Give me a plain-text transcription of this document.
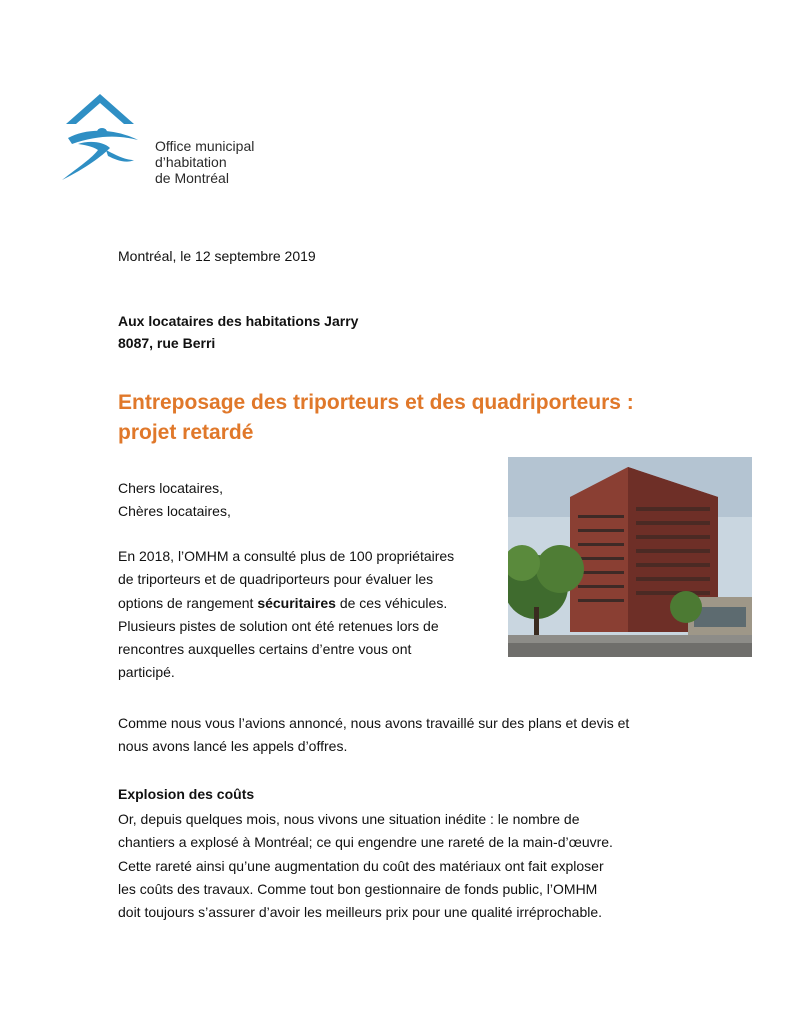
Office municipal
d’habitation
de Montréal
Montréal, le 12 septembre 2019
Aux locataires des habitations Jarry
8087, rue Berri
Entreposage des triporteurs et des quadriporteurs :
projet retardé
Chers locataires,
Chères locataires,
En 2018, l’OMHM a consulté plus de 100 propriétaires
de triporteurs et de quadriporteurs pour évaluer les
options de rangement sécuritaires de ces véhicules.
Plusieurs pistes de solution ont été retenues lors de
rencontres auxquelles certains d’entre vous ont
participé.
Comme nous vous l’avions annoncé, nous avons travaillé sur des plans et devis et
nous avons lancé les appels d’offres.
Explosion des coûts
Or, depuis quelques mois, nous vivons une situation inédite : le nombre de
chantiers a explosé à Montréal; ce qui engendre une rareté de la main-d’œuvre.
Cette rareté ainsi qu’une augmentation du coût des matériaux ont fait exploser
les coûts des travaux. Comme tout bon gestionnaire de fonds public, l’OMHM
doit toujours s’assurer d’avoir les meilleurs prix pour une qualité irréprochable.
